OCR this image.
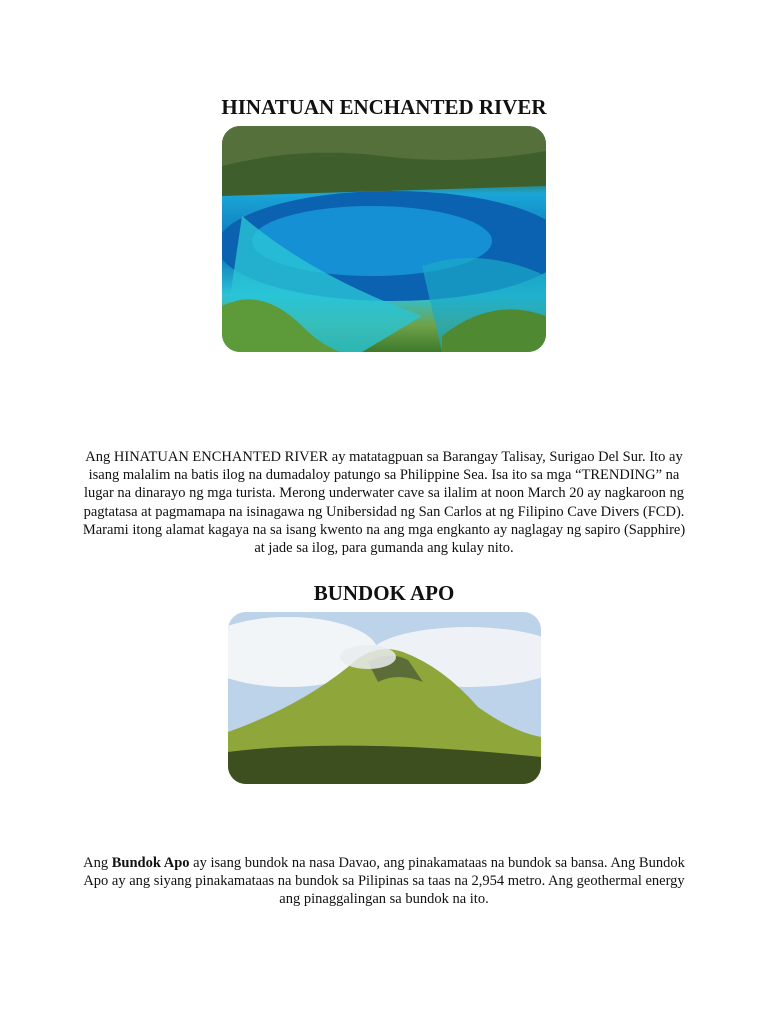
HINATUAN ENCHANTED RIVER

Ang HINATUAN ENCHANTED RIVER ay matatagpuan sa Barangay Talisay, Surigao Del Sur. Ito ay isang malalim na batis ilog na dumadaloy patungo sa Philippine Sea. Isa ito sa mga “TRENDING” na lugar na dinarayo ng mga turista. Merong underwater cave sa ilalim at noon March 20 ay nagkaroon ng pagtatasa at pagmamapa na isinagawa ng Unibersidad ng San Carlos at ng Filipino Cave Divers (FCD). Marami itong alamat kagaya na sa isang kwento na ang mga engkanto ay naglagay ng sapiro (Sapphire) at jade sa ilog, para gumanda ang kulay nito.

BUNDOK APO

Ang Bundok Apo ay isang bundok na nasa Davao, ang pinakamataas na bundok sa bansa. Ang Bundok Apo ay ang siyang pinakamataas na bundok sa Pilipinas sa taas na 2,954 metro. Ang geothermal energy ang pinaggalingan sa bundok na ito.
